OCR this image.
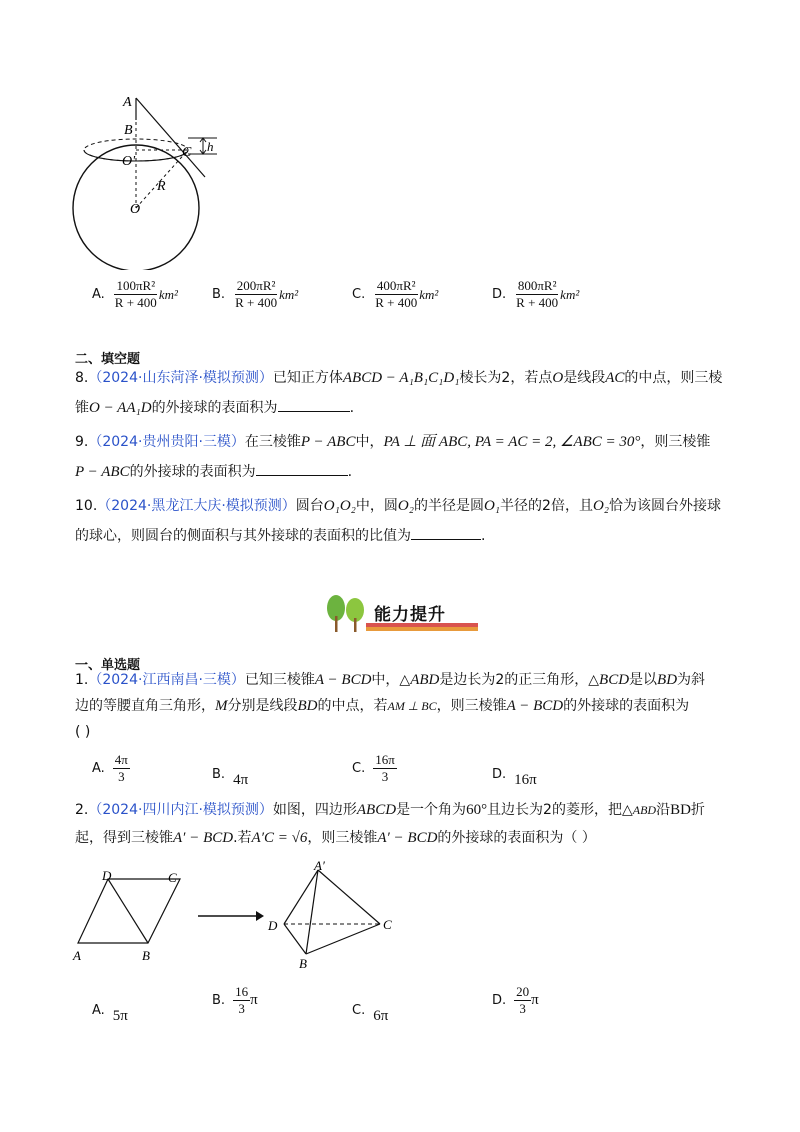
A
B
C
O'
O
R
h
A. $\frac{\text{100πR²}}{R + 400} km^2$	B. $\frac{\text{200πR²}}{R + 400} km^2$	C. $\frac{\text{400πR²}}{R + 400} km^2$	D. $\frac{\text{800πR²}}{R + 400} km^2$
二、填空题
8.（2024·山东菏泽·模拟预测）已知正方体ABCD − A₁B₁C₁D₁棱长为2，若点O是线段AC的中点，则三棱
锥O − AA₁D的外接球的表面积为	.
9.（2024·贵州贵阳·三模）在三棱锥P − ABC中，PA ⊥ 面 ABC, PA = AC = 2, ∠ABC = 30°，则三棱锥
P − ABC的外接球的表面积为	.
10.（2024·黑龙江大庆·模拟预测）圆台O₁O₂中，圆O₂的半径是圆O₁半径的2倍，且O₂恰为该圆台外接球
的球心，则圆台的侧面积与其外接球的表面积的比值为	.
能力提升
一、单选题
1.（2024·江西南昌·三模）已知三棱锥A − BCD中，△ABD是边长为2的正三角形，△BCD是以BD为斜
边的等腰直角三角形，M分别是线段BD的中点，若AM ⊥ BC，则三棱锥A − BCD的外接球的表面积为
( )
A. $\frac{4\pi}{3}$	B. 4π
C. $\frac{16\pi}{3}$	D. 16π
2.（2024·四川内江·模拟预测）如图，四边形ABCD是一个角为60°且边长为2的菱形，把△ABD沿BD折
起，得到三棱锥A′ − BCD.若A′C = √6，则三棱锥A′ − BCD的外接球的表面积为（ ）
D	C
A	B
A′
D	C
B
A. 5π
B. $\frac{16}{3}$ π
C. 6π
D. $\frac{20}{3}$ π
